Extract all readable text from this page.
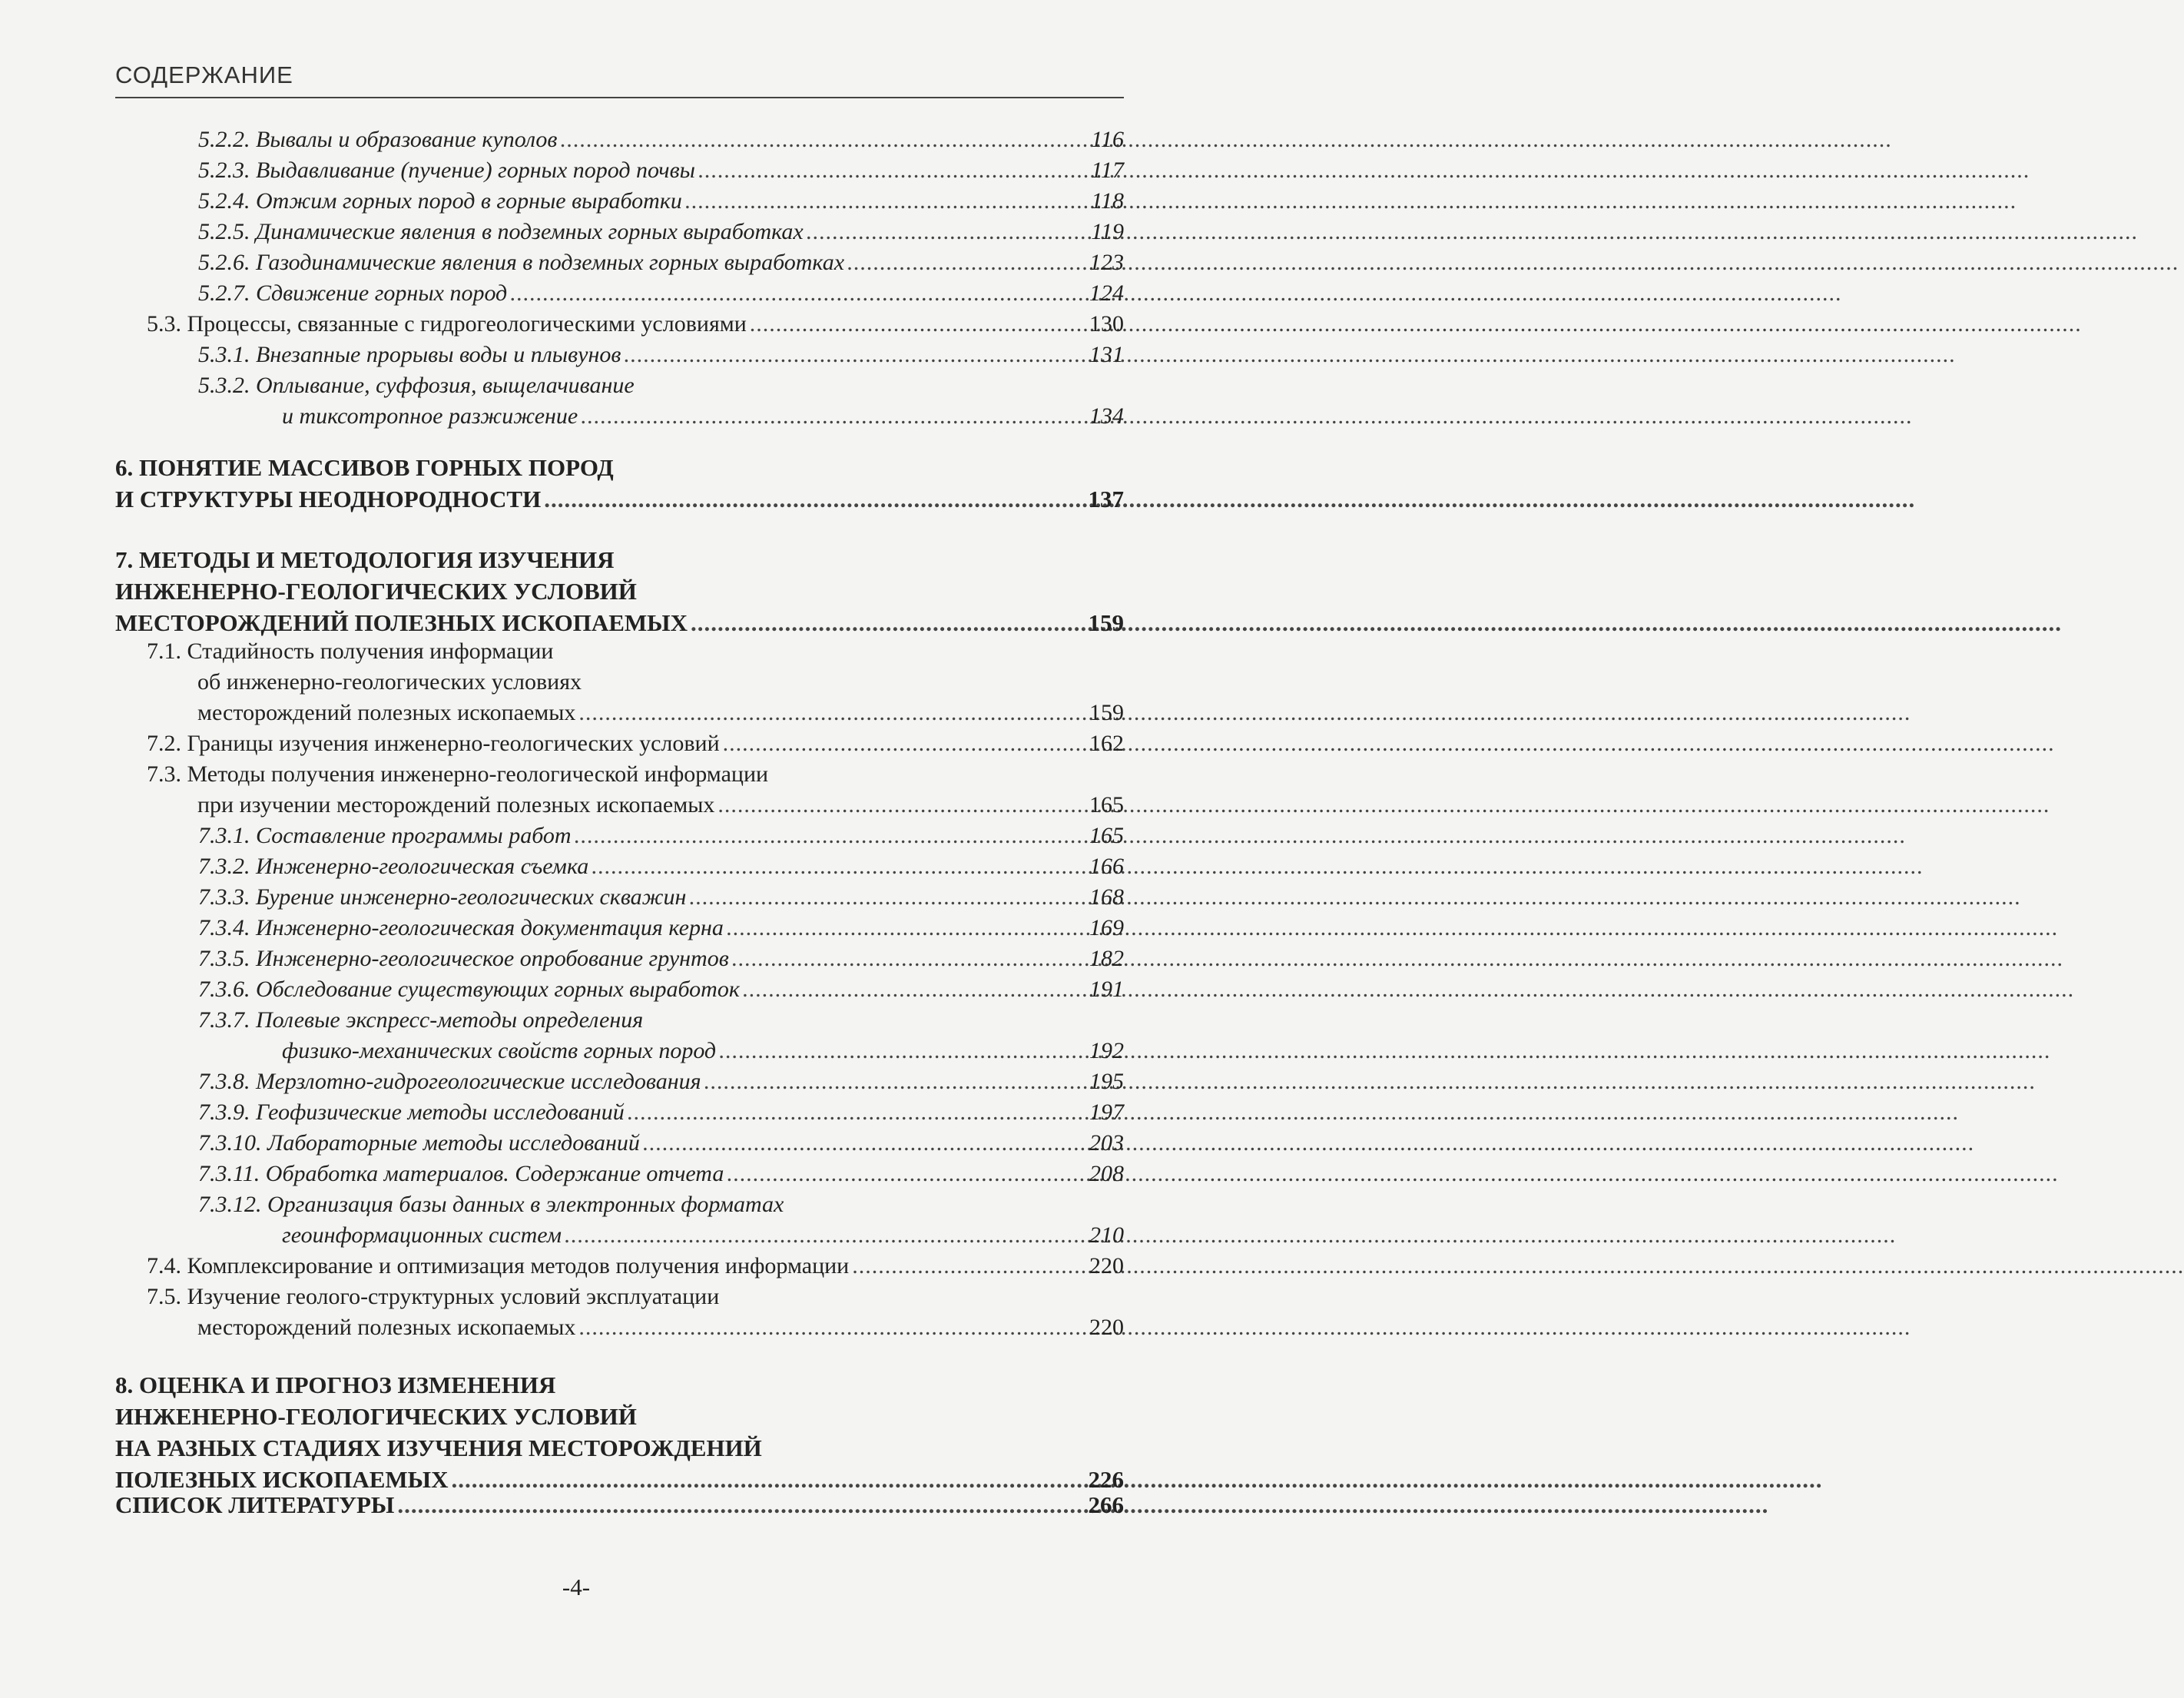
СОДЕРЖАНИЕ
5.2.2. Вывалы и образование куполов .....	116
5.2.3. Выдавливание (пучение) горных пород почвы .....	117
5.2.4. Отжим горных пород в горные выработки .....	118
5.2.5. Динамические явления в подземных горных выработках .....	119
5.2.6. Газодинамические явления в подземных горных выработках .....	123
5.2.7. Сдвижение горных пород .....	124
5.3. Процессы, связанные с гидрогеологическими условиями .....	130
5.3.1. Внезапные прорывы воды и плывунов .....	131
5.3.2. Оплывание, суффозия, выщелачивание
и тиксотропное разжижение .....	134
6. ПОНЯТИЕ МАССИВОВ ГОРНЫХ ПОРОД
И СТРУКТУРЫ НЕОДНОРОДНОСТИ .....	137
7. МЕТОДЫ И МЕТОДОЛОГИЯ ИЗУЧЕНИЯ
ИНЖЕНЕРНО-ГЕОЛОГИЧЕСКИХ УСЛОВИЙ
МЕСТОРОЖДЕНИЙ ПОЛЕЗНЫХ ИСКОПАЕМЫХ .....	159
7.1. Стадийность получения информации
об инженерно-геологических условиях
месторождений полезных ископаемых .....	159
7.2. Границы изучения инженерно-геологических условий .....	162
7.3. Методы получения инженерно-геологической информации
при изучении месторождений полезных ископаемых .....	165
7.3.1. Составление программы работ .....	165
7.3.2. Инженерно-геологическая съемка .....	166
7.3.3. Бурение инженерно-геологических скважин .....	168
7.3.4. Инженерно-геологическая документация керна .....	169
7.3.5. Инженерно-геологическое опробование грунтов .....	182
7.3.6. Обследование существующих горных выработок .....	191
7.3.7. Полевые экспресс-методы определения
физико-механических свойств горных пород .....	192
7.3.8. Мерзлотно-гидрогеологические исследования .....	195
7.3.9. Геофизические методы исследований .....	197
7.3.10. Лабораторные методы исследований .....	203
7.3.11. Обработка материалов. Содержание отчета .....	208
7.3.12. Организация базы данных в электронных форматах
геоинформационных систем .....	210
7.4. Комплексирование и оптимизация методов получения информации .....	220
7.5. Изучение геолого-структурных условий эксплуатации
месторождений полезных ископаемых .....	220
8. ОЦЕНКА И ПРОГНОЗ ИЗМЕНЕНИЯ
ИНЖЕНЕРНО-ГЕОЛОГИЧЕСКИХ УСЛОВИЙ
НА РАЗНЫХ СТАДИЯХ ИЗУЧЕНИЯ МЕСТОРОЖДЕНИЙ
ПОЛЕЗНЫХ ИСКОПАЕМЫХ .....	226
СПИСОК ЛИТЕРАТУРЫ .....	266
-4-
